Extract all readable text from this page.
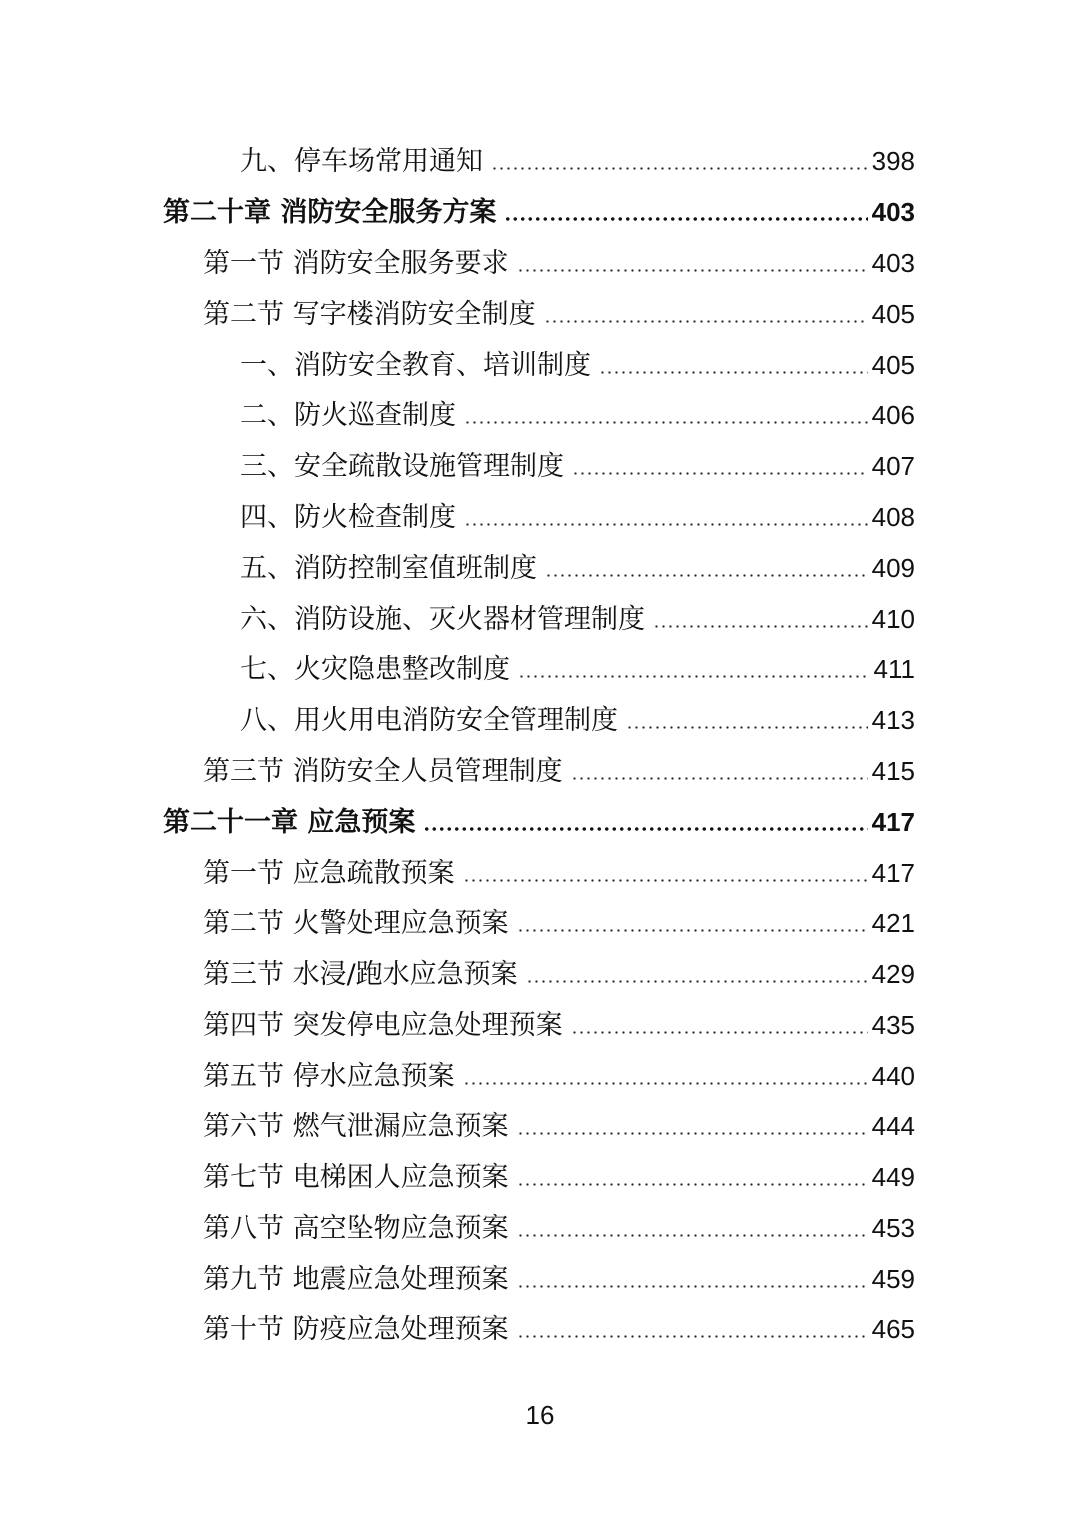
九、停车场常用通知	398
第二十章 消防安全服务方案	403
第一节 消防安全服务要求	403
第二节 写字楼消防安全制度	405
一、消防安全教育、培训制度	405
二、防火巡查制度	406
三、安全疏散设施管理制度	407
四、防火检查制度	408
五、消防控制室值班制度	409
六、消防设施、灭火器材管理制度	410
七、火灾隐患整改制度	411
八、用火用电消防安全管理制度	413
第三节 消防安全人员管理制度	415
第二十一章 应急预案	417
第一节 应急疏散预案	417
第二节 火警处理应急预案	421
第三节 水浸/跑水应急预案	429
第四节 突发停电应急处理预案	435
第五节 停水应急预案	440
第六节 燃气泄漏应急预案	444
第七节 电梯困人应急预案	449
第八节 高空坠物应急预案	453
第九节 地震应急处理预案	459
第十节 防疫应急处理预案	465
16
